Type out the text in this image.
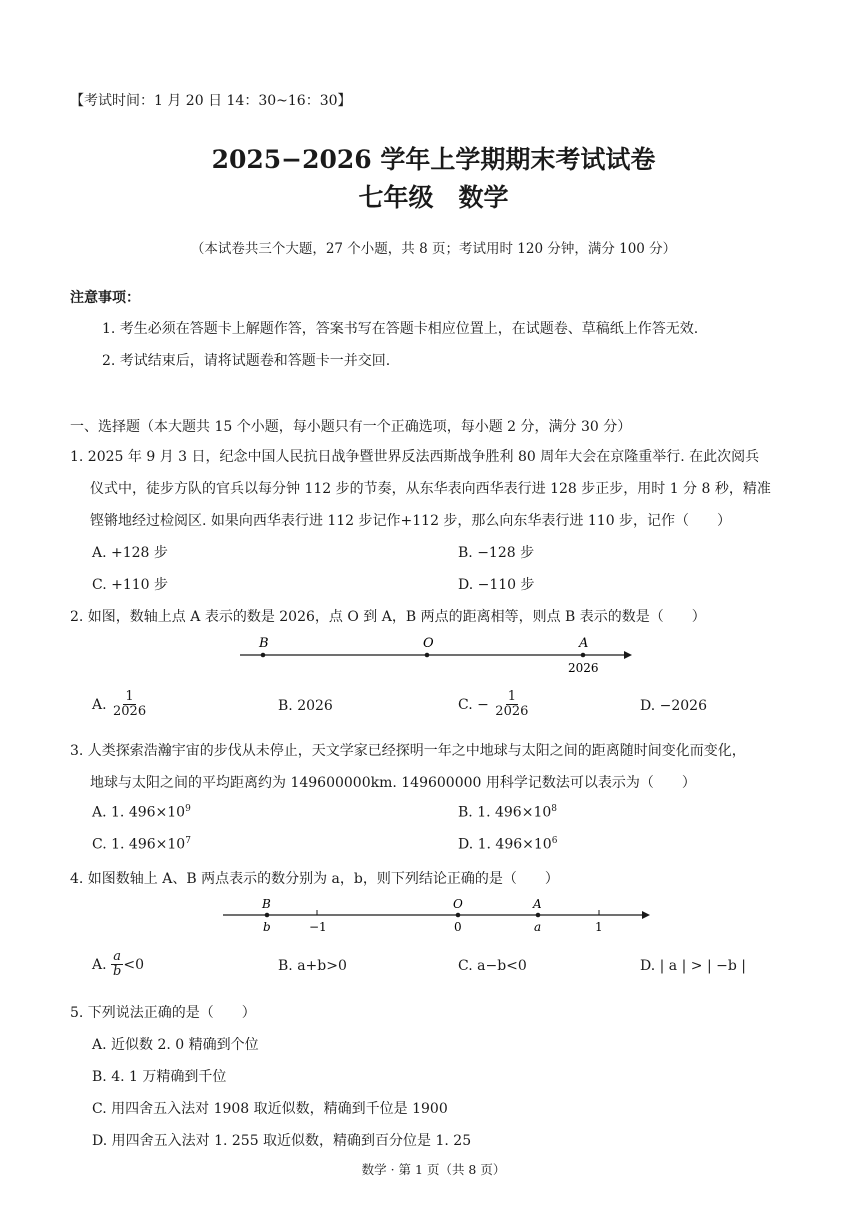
【考试时间：1 月 20 日 14：30~16：30】
2025−2026 学年上学期期末考试试卷
七年级　数学
（本试卷共三个大题，27 个小题，共 8 页；考试用时 120 分钟，满分 100 分）
注意事项：
1. 考生必须在答题卡上解题作答，答案书写在答题卡相应位置上，在试题卷、草稿纸上作答无效.
2. 考试结束后，请将试题卷和答题卡一并交回.
一、选择题（本大题共 15 个小题，每小题只有一个正确选项，每小题 2 分，满分 30 分）
1. 2025 年 9 月 3 日，纪念中国人民抗日战争暨世界反法西斯战争胜利 80 周年大会在京隆重举行. 在此次阅兵
仪式中，徒步方队的官兵以每分钟 112 步的节奏，从东华表向西华表行进 128 步正步，用时 1 分 8 秒，精准
铿锵地经过检阅区. 如果向西华表行进 112 步记作+112 步，那么向东华表行进 110 步，记作（　　）
A. +128 步	B. −128 步
C. +110 步	D. −110 步
2. 如图，数轴上点 A 表示的数是 2026，点 O 到 A，B 两点的距离相等，则点 B 表示的数是（　　）
B	O	A
2026
A. $\frac{1}{2026}$	B. 2026	C. − $\frac{1}{2026}$	D. −2026
3. 人类探索浩瀚宇宙的步伐从未停止，天文学家已经探明一年之中地球与太阳之间的距离随时间变化而变化，
地球与太阳之间的平均距离约为 149600000km. 149600000 用科学记数法可以表示为（　　）
A. 1. $496\times 10^9$	B. 1. $496\times 10^8$
C. 1. $496\times 10^7$	D. 1. $496\times 10^6$
4. 如图数轴上 A、B 两点表示的数分别为 a，b，则下列结论正确的是（　　）
B	O	A
b	−1	0	a	1
A. $\frac{a}{b} <0$	B. a+b>0	C. a−b<0	D. | a | > | −b |
5. 下列说法正确的是（　　）
A. 近似数 2. 0 精确到个位
B. 4. 1 万精确到千位
C. 用四舍五入法对 1908 取近似数，精确到千位是 1900
D. 用四舍五入法对 1. 255 取近似数，精确到百分位是 1. 25
数学 · 第 1 页（共 8 页）
